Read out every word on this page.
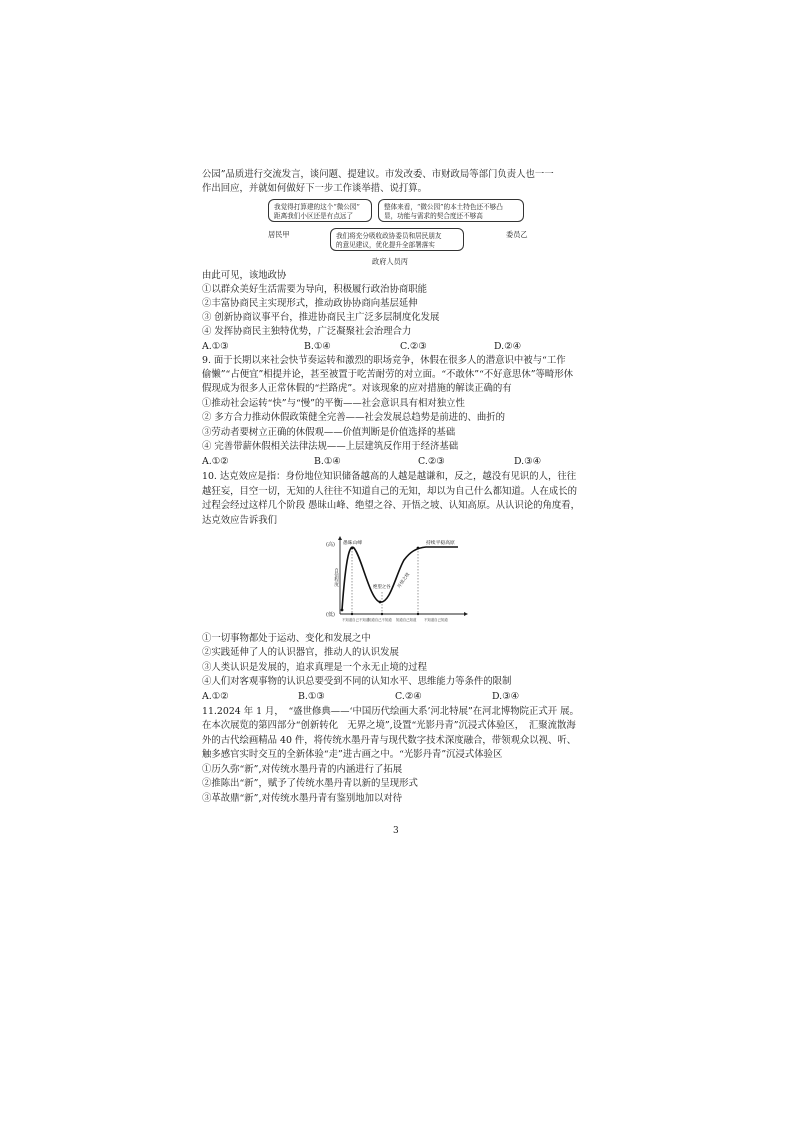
公园”品质进行交流发言，谈问题、提建议。市发改委、市财政局等部门负责人也一一
作出回应，并就如何做好下一步工作谈举措、说打算。
我觉得打算建的这个“微公园”
距离我们小区还是有点远了
整体来看，“微公园”的本土特色还不够凸
显，功能与需求的契合度还不够高
我们将充分吸收政协委员和居民朋友
的意见建议，优化提升全部署落实
居民甲	委员乙
政府人员丙
由此可见，该地政协
①以群众美好生活需要为导向，积极履行政治协商职能
②丰富协商民主实现形式，推动政协协商向基层延伸
③ 创新协商议事平台，推进协商民主广泛多层制度化发展
④ 发挥协商民主独特优势，广泛凝聚社会治理合力
A.①③	B.①④	C.②③	D.②④
9. 面于长期以来社会快节奏运转和激烈的职场竞争，休假在很多人的潜意识中被与“工作
偷懒”“占便宜”相提并论，甚至被置于吃苦耐劳的对立面。“不敢休”“不好意思休”等畸形休
假现成为很多人正常休假的“拦路虎”。对该现象的应对措施的解读正确的有
①推动社会运转“快”与“慢”的平衡——社会意识具有相对独立性
② 多方合力推动休假政策健全完善——社会发展总趋势是前进的、曲折的
③劳动者要树立正确的休假观——价值判断是价值选择的基础
④ 完善带薪休假相关法律法规——上层建筑反作用于经济基础
A.①②	B.①④	C.②③	D.③④
10. 达克效应是指：身份地位知识储备越高的人越是越谦和，反之，越没有见识的人，往往
越狂妄，目空一切，无知的人往往不知道自己的无知，却以为自己什么都知道。人在成长的
过程会经过这样几个阶段 愚昧山峰、绝望之谷、开悟之坡、认知高原。从认识论的角度看，
达克效应告诉我们
(高)
(低)
自信程度
愚昧山峰
绝望之谷	开悟之坡
持续平稳高原
不知道自己不知道
知道自己不知道 知道自己知道 不知道自己知道
①一切事物都处于运动、变化和发展之中
②实践延伸了人的认识器官，推动人的认识发展
③人类认识是发展的，追求真理是一个永无止境的过程
④人们对客观事物的认识总要受到不同的认知水平、思维能力等条件的限制
A.①②	B.①③	C.②④	D.③④
11.2024 年 1 月，　“盛世修典——‘中国历代绘画大系’河北特展”在河北博物院正式开 展。
在本次展览的第四部分“创新转化　无界之境”,设置“光影丹青”沉浸式体验区，　汇聚流散海
外的古代绘画精品 40 件，将传统水墨丹青与现代数字技术深度融合，带领观众以视、听、
触多感官实时交互的全新体验“走”进古画之中。“光影丹青”沉浸式体验区
①历久弥“新”,对传统水墨丹青的内涵进行了拓展
②推陈出“新”，赋予了传统水墨丹青以新的呈现形式
③革故鼎“新”,对传统水墨丹青有鉴别地加以对待
3
